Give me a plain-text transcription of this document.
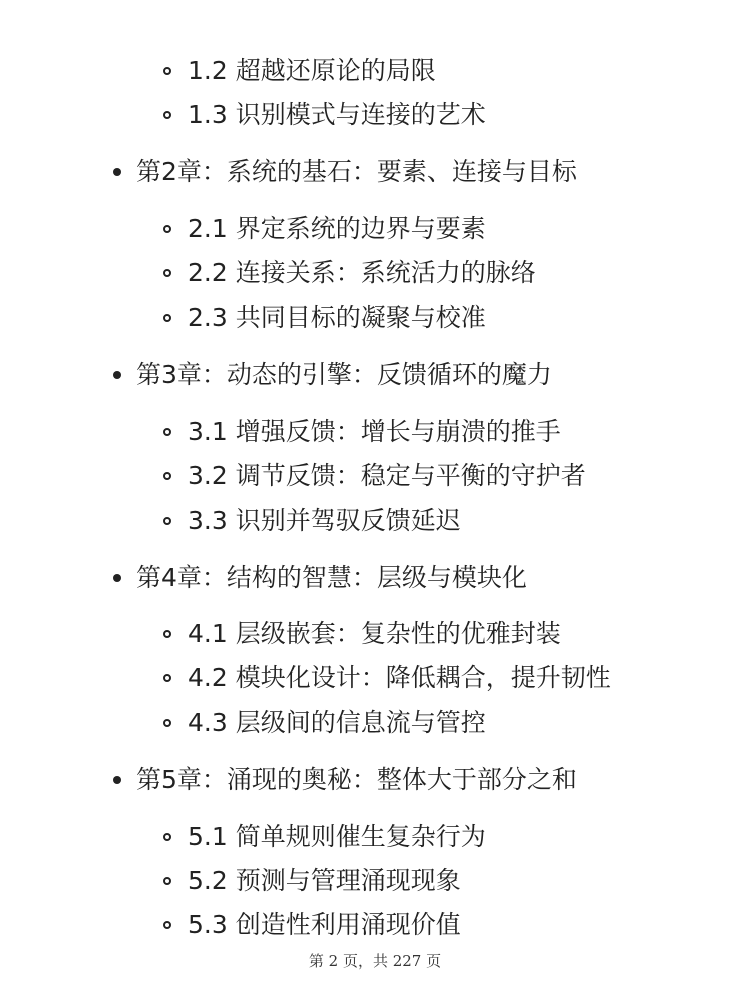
1.2 超越还原论的局限
1.3 识别模式与连接的艺术
第2章：系统的基石：要素、连接与目标
2.1 界定系统的边界与要素
2.2 连接关系：系统活力的脉络
2.3 共同目标的凝聚与校准
第3章：动态的引擎：反馈循环的魔力
3.1 增强反馈：增长与崩溃的推手
3.2 调节反馈：稳定与平衡的守护者
3.3 识别并驾驭反馈延迟
第4章：结构的智慧：层级与模块化
4.1 层级嵌套：复杂性的优雅封装
4.2 模块化设计：降低耦合，提升韧性
4.3 层级间的信息流与管控
第5章：涌现的奥秘：整体大于部分之和
5.1 简单规则催生复杂行为
5.2 预测与管理涌现现象
5.3 创造性利用涌现价值
第 2 页，共 227 页
